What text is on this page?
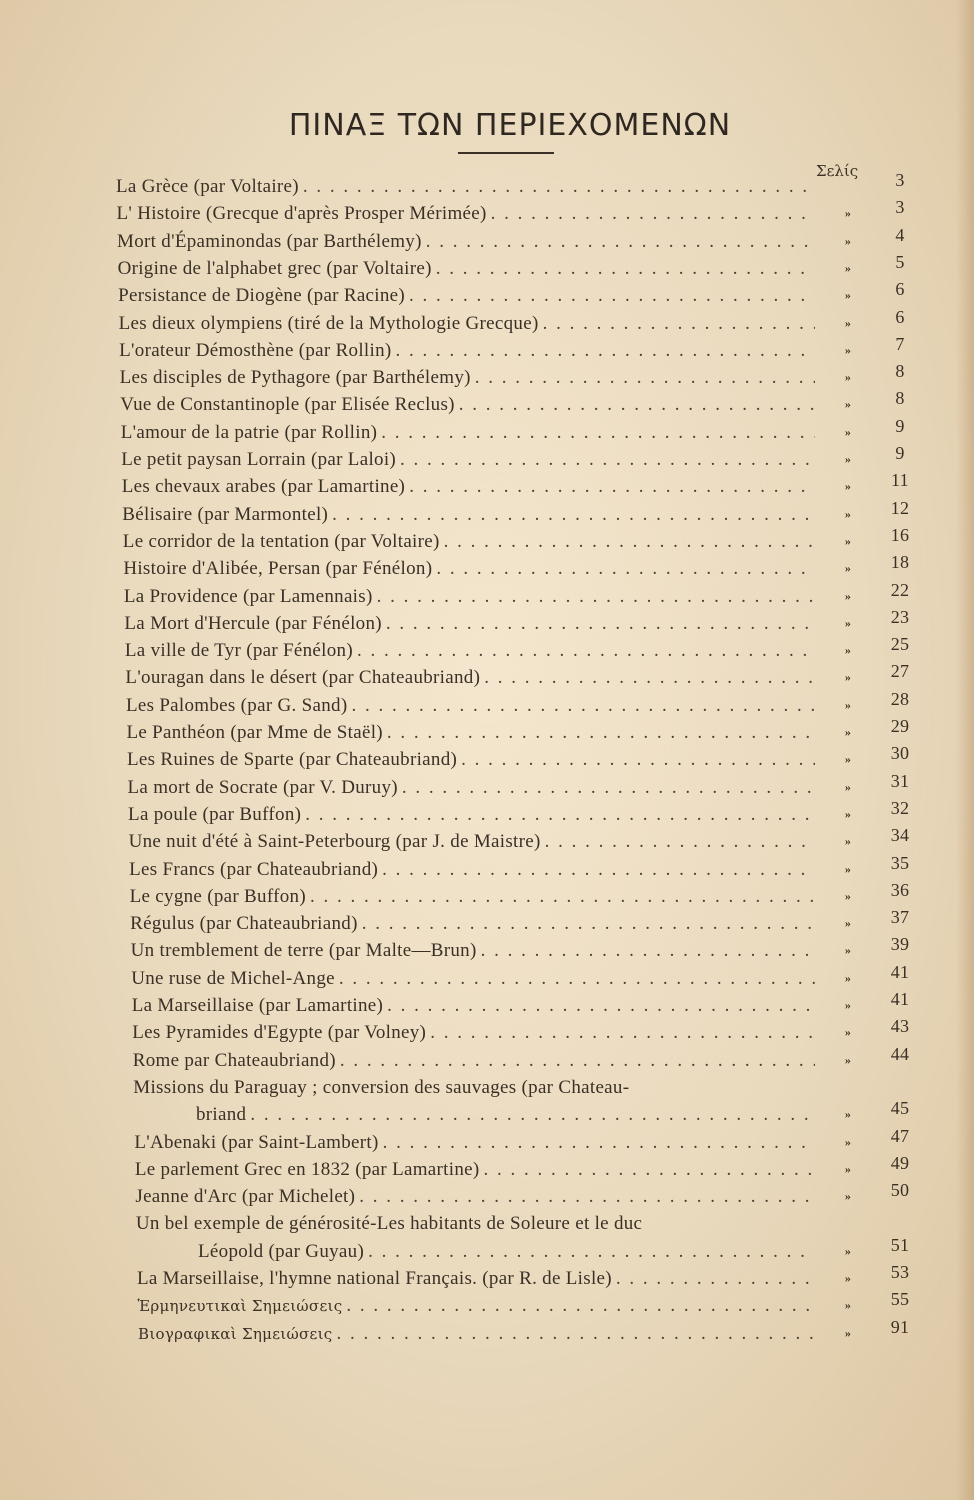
ΠΙΝΑΞ ΤΩΝ ΠΕΡΙΕΧΟΜΕΝΩΝ
Σελίς
La Grèce (par Voltaire) . . .	3
L' Histoire (Grecque d'après Prosper Mérimée) . . .	»	3
Mort d'Épaminondas (par Barthélemy) . . .	»	4
Origine de l'alphabet grec (par Voltaire) . . .	»	5
Persistance de Diogène (par Racine) . . .	»	6
Les dieux olympiens (tiré de la Mythologie Grecque) . . .	»	6
L'orateur Démosthène (par Rollin) . . .	»	7
Les disciples de Pythagore (par Barthélemy) . . .	»	8
Vue de Constantinople (par Elisée Reclus) . . .	»	8
L'amour de la patrie (par Rollin) . . .	»	9
Le petit paysan Lorrain (par Laloi) . . .	»	9
Les chevaux arabes (par Lamartine) . . .	»	11
Bélisaire (par Marmontel) . . .	»	12
Le corridor de la tentation (par Voltaire) . . .	»	16
Histoire d'Alibée, Persan (par Fénélon) . . .	»	18
La Providence (par Lamennais) . . .	»	22
La Mort d'Hercule (par Fénélon) . . .	»	23
La ville de Tyr (par Fénélon) . . .	»	25
L'ouragan dans le désert (par Chateaubriand) . . .	»	27
Les Palombes (par G. Sand) . . .	»	28
Le Panthéon (par Mme de Staël) . . .	»	29
Les Ruines de Sparte (par Chateaubriand) . . .	»	30
La mort de Socrate (par V. Duruy) . . .	»	31
La poule (par Buffon) . . .	»	32
Une nuit d'été à Saint-Peterbourg (par J. de Maistre) . . .	»	34
Les Francs (par Chateaubriand) . . .	»	35
Le cygne (par Buffon) . . .	»	36
Régulus (par Chateaubriand) . . .	»	37
Un tremblement de terre (par Malte—Brun) . . .	»	39
Une ruse de Michel-Ange . . .	»	41
La Marseillaise (par Lamartine) . . .	»	41
Les Pyramides d'Egypte (par Volney) . . .	»	43
Rome par Chateaubriand) . . .	»	44
Missions du Paraguay ; conversion des sauvages (par Chateau-
briand . . .	»	45
L'Abenaki (par Saint-Lambert) . . .	»	47
Le parlement Grec en 1832 (par Lamartine) . . .	»	49
Jeanne d'Arc (par Michelet) . . .	»	50
Un bel exemple de générosité-Les habitants de Soleure et le duc
Léopold (par Guyau) . . .	»	51
La Marseillaise, l'hymne national Français. (par R. de Lisle) . . .	»	53
Ἑρμηνευτικαὶ Σημειώσεις . . .	»	55
Βιογραφικαὶ Σημειώσεις . . .	»	91
